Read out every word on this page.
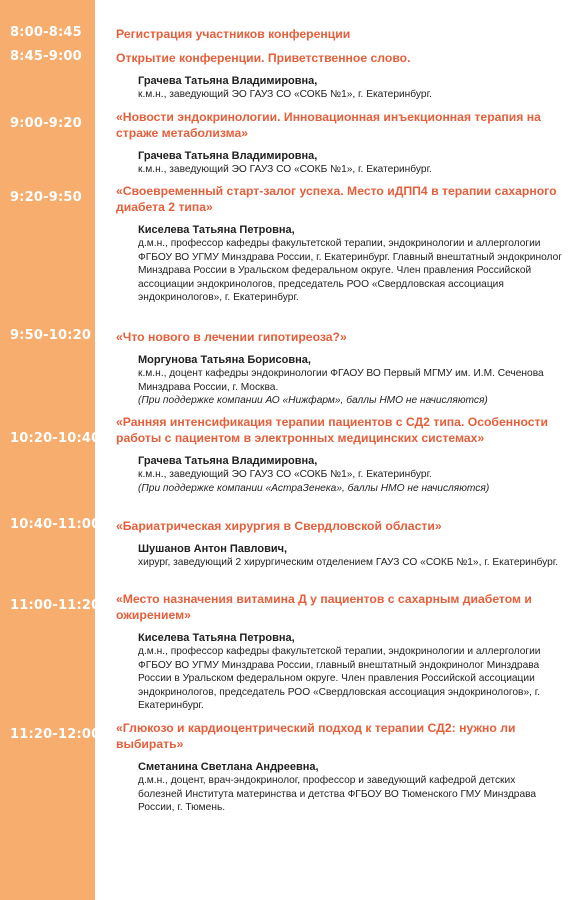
8:00-8:45	Регистрация участников конференции
8:45-9:00	Открытие конференции. Приветственное слово.
Грачева Татьяна Владимировна,
к.м.н., заведующий ЭО ГАУЗ СО «СОКБ №1», г. Екатеринбург.
9:00-9:20	«Новости эндокринологии. Инновационная инъекционная терапия на страже метаболизма»
Грачева Татьяна Владимировна,
к.м.н., заведующий ЭО ГАУЗ СО «СОКБ №1», г. Екатеринбург.
9:20-9:50	«Своевременный старт-залог успеха. Место иДПП4 в терапии сахарного диабета 2 типа»
Киселева Татьяна Петровна,
д.м.н., профессор кафедры факультетской терапии, эндокринологии и аллергологии ФГБОУ ВО УГМУ Минздрава России, г. Екатеринбург. Главный внештатный эндокринолог Минздрава России в Уральском федеральном округе. Член правления Российской ассоциации эндокринологов, председатель РОО «Свердловская ассоциация эндокринологов», г. Екатеринбург.
9:50-10:20 «Что нового в лечении гипотиреоза?»
Моргунова Татьяна Борисовна,
к.м.н., доцент кафедры эндокринологии ФГАОУ ВО Первый МГМУ им. И.М. Сеченова Минздрава России, г. Москва.
(При поддержке компании АО «Нижфарм», баллы НМО не начисляются)
10:20-10:40
«Ранняя интенсификация терапии пациентов с СД2 типа. Особенности работы с пациентом в электронных медицинских системах»
Грачева Татьяна Владимировна,
к.м.н., заведующий ЭО ГАУЗ СО «СОКБ №1», г. Екатеринбург.
(При поддержке компании «АстраЗенека», баллы НМО не начисляются)
10:40-11:00 «Бариатрическая хирургия в Свердловской области»
Шушанов Антон Павлович,
хирург, заведующий 2 хирургическим отделением ГАУЗ СО «СОКБ №1», г. Екатеринбург.
11:00-11:20 «Место назначения витамина Д у пациентов с сахарным диабетом и ожирением»
Киселева Татьяна Петровна,
д.м.н., профессор кафедры факультетской терапии, эндокринологии и аллергологии ФГБОУ ВО УГМУ Минздрава России, главный внештатный эндокринолог Минздрава России в Уральском федеральном округе. Член правления Российской ассоциации эндокринологов, председатель РОО «Свердловская ассоциация эндокринологов», г. Екатеринбург.
11:20-12:00 «Глюкозо и кардиоцентрический подход к терапии СД2: нужно ли выбирать»
Сметанина Светлана Андреевна,
д.м.н., доцент, врач-эндокринолог, профессор и заведующий кафедрой детских болезней Института материнства и детства ФГБОУ ВО Тюменского ГМУ Минздрава России, г. Тюмень.
